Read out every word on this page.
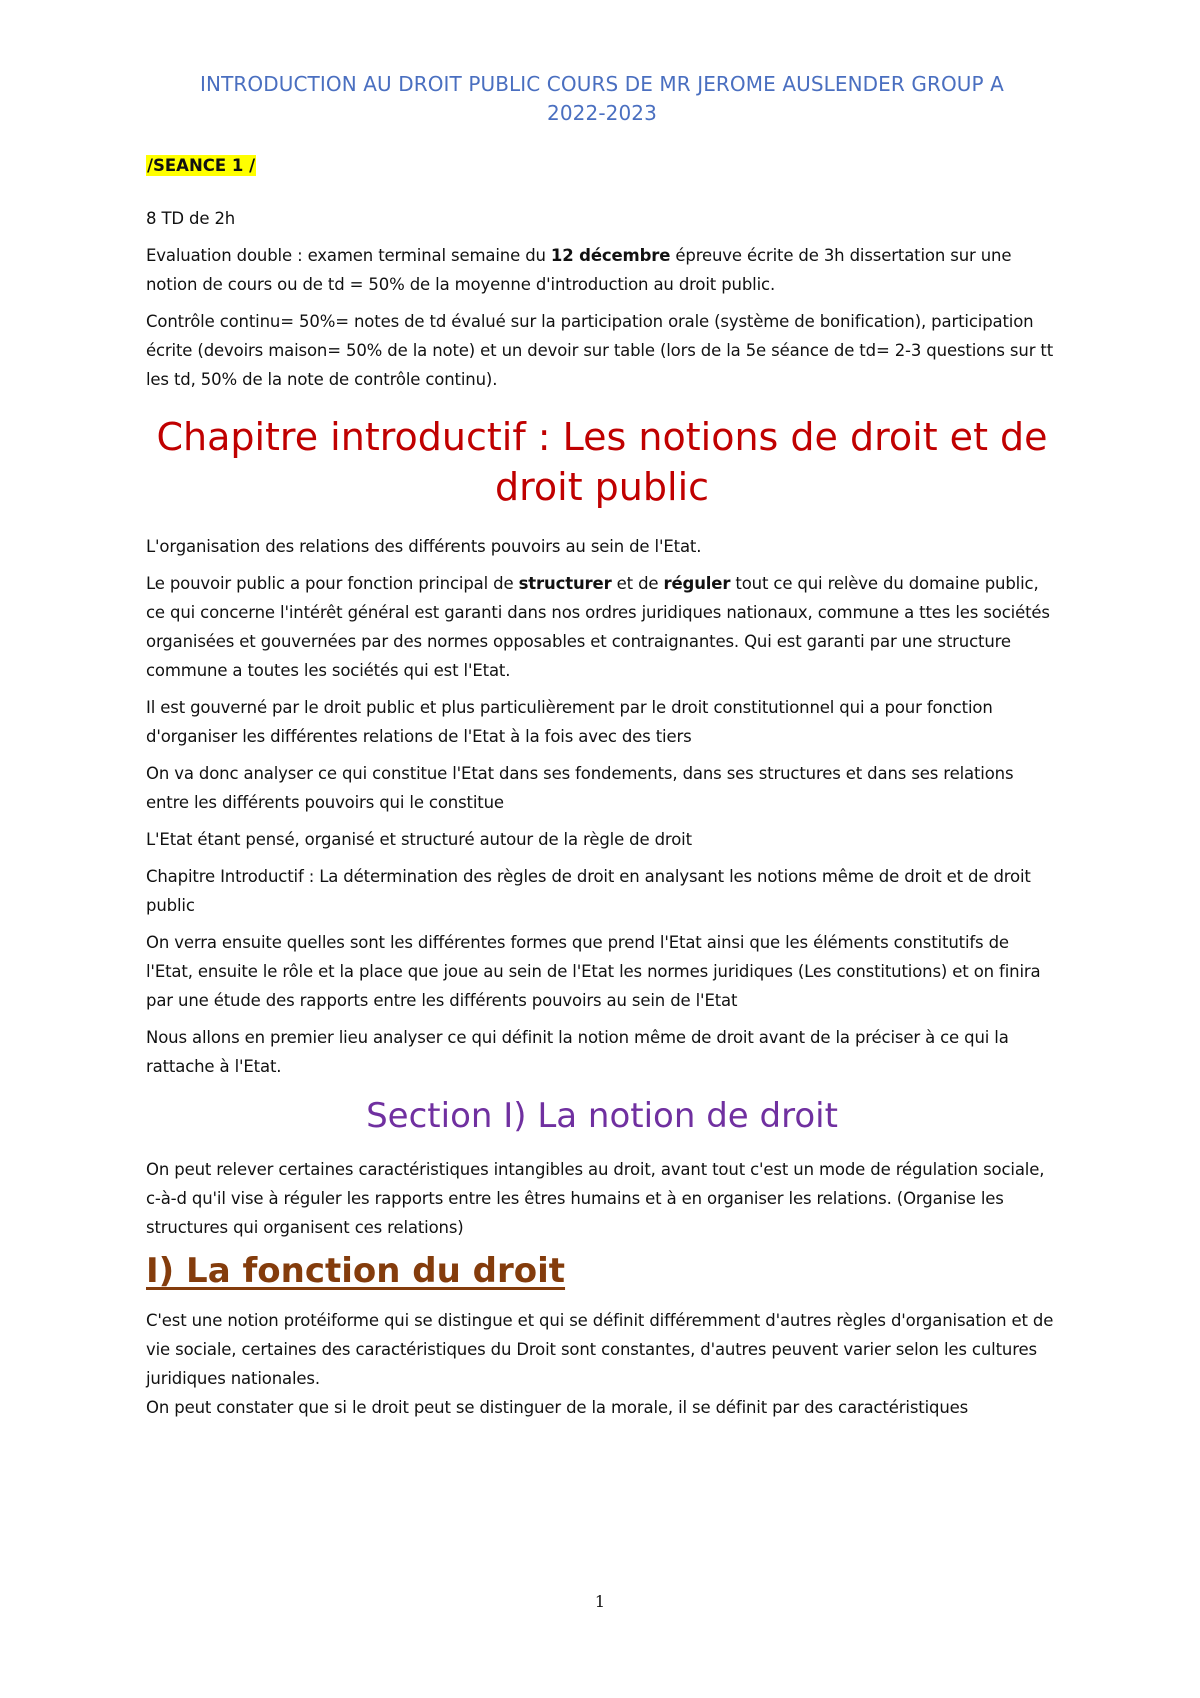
INTRODUCTION AU DROIT PUBLIC COURS DE MR JEROME AUSLENDER GROUP A
2022-2023
/SEANCE 1 /

8 TD de 2h

Evaluation double : examen terminal semaine du 12 décembre épreuve écrite de 3h dissertation sur une notion de cours ou de td = 50% de la moyenne d'introduction au droit public.

Contrôle continu= 50%= notes de td évalué sur la participation orale (système de bonification), participation écrite (devoirs maison= 50% de la note) et un devoir sur table (lors de la 5e séance de td= 2-3 questions sur tt les td, 50% de la note de contrôle continu).

Chapitre introductif : Les notions de droit et de droit public

L'organisation des relations des différents pouvoirs au sein de l'Etat.

Le pouvoir public a pour fonction principal de structurer et de réguler tout ce qui relève du domaine public, ce qui concerne l'intérêt général est garanti dans nos ordres juridiques nationaux, commune a ttes les sociétés organisées et gouvernées par des normes opposables et contraignantes. Qui est garanti par une structure commune a toutes les sociétés qui est l'Etat.

Il est gouverné par le droit public et plus particulièrement par le droit constitutionnel qui a pour fonction d'organiser les différentes relations de l'Etat à la fois avec des tiers

On va donc analyser ce qui constitue l'Etat dans ses fondements, dans ses structures et dans ses relations entre les différents pouvoirs qui le constitue

L'Etat étant pensé, organisé et structuré autour de la règle de droit

Chapitre Introductif : La détermination des règles de droit en analysant les notions même de droit et de droit public

On verra ensuite quelles sont les différentes formes que prend l'Etat ainsi que les éléments constitutifs de l'Etat, ensuite le rôle et la place que joue au sein de l'Etat les normes juridiques (Les constitutions) et on finira par une étude des rapports entre les différents pouvoirs au sein de l'Etat

Nous allons en premier lieu analyser ce qui définit la notion même de droit avant de la préciser à ce qui la rattache à l'Etat.

Section I) La notion de droit

On peut relever certaines caractéristiques intangibles au droit, avant tout c'est un mode de régulation sociale, c-à-d qu'il vise à réguler les rapports entre les êtres humains et à en organiser les relations. (Organise les structures qui organisent ces relations)

I) La fonction du droit

C'est une notion protéiforme qui se distingue et qui se définit différemment d'autres règles d'organisation et de vie sociale, certaines des caractéristiques du Droit sont constantes, d'autres peuvent varier selon les cultures juridiques nationales.

On peut constater que si le droit peut se distinguer de la morale, il se définit par des caractéristiques

1
